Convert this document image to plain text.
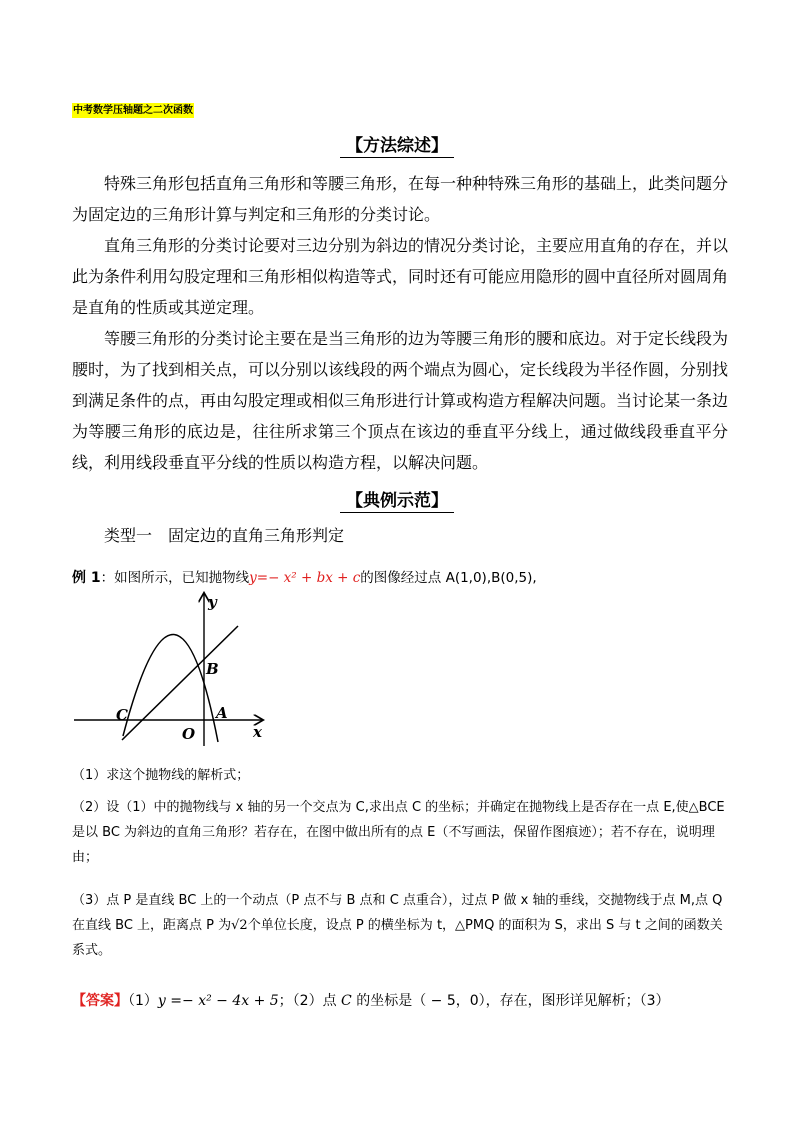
中考数学压轴题之二次函数
【方法综述】

特殊三角形包括直角三角形和等腰三角形，在每一种种特殊三角形的基础上，此类问题分为固定边的三角形计算与判定和三角形的分类讨论。

直角三角形的分类讨论要对三边分别为斜边的情况分类讨论，主要应用直角的存在，并以此为条件利用勾股定理和三角形相似构造等式，同时还有可能应用隐形的圆中直径所对圆周角是直角的性质或其逆定理。

等腰三角形的分类讨论主要在是当三角形的边为等腰三角形的腰和底边。对于定长线段为腰时，为了找到相关点，可以分别以该线段的两个端点为圆心，定长线段为半径作圆，分别找到满足条件的点，再由勾股定理或相似三角形进行计算或构造方程解决问题。当讨论某一条边为等腰三角形的底边是，往往所求第三个顶点在该边的垂直平分线上，通过做线段垂直平分线，利用线段垂直平分线的性质以构造方程，以解决问题。

【典例示范】
类型一　固定边的直角三角形判定
例 1：如图所示，已知抛物线y=− x² + bx + c的图像经过点 A(1,0),B(0,5),
y
x
B
C	A
O

（1）求这个抛物线的解析式；

（2）设（1）中的抛物线与 x 轴的另一个交点为 C,求出点 C 的坐标；并确定在抛物线上是否存在一点 E,使△BCE 是以 BC 为斜边的直角三角形？若存在，在图中做出所有的点 E（不写画法，保留作图痕迹）；若不存在，说明理由；

（3）点 P 是直线 BC 上的一个动点（P 点不与 B 点和 C 点重合），过点 P 做 x 轴的垂线，交抛物线于点 M,点 Q 在直线 BC 上，距离点 P 为√2个单位长度，设点 P 的横坐标为 t，△PMQ 的面积为 S，求出 S 与 t 之间的函数关系式。

【答案】（1）y =− x² − 4x + 5；（2）点 C 的坐标是（ − 5，0），存在，图形详见解析；（3）
